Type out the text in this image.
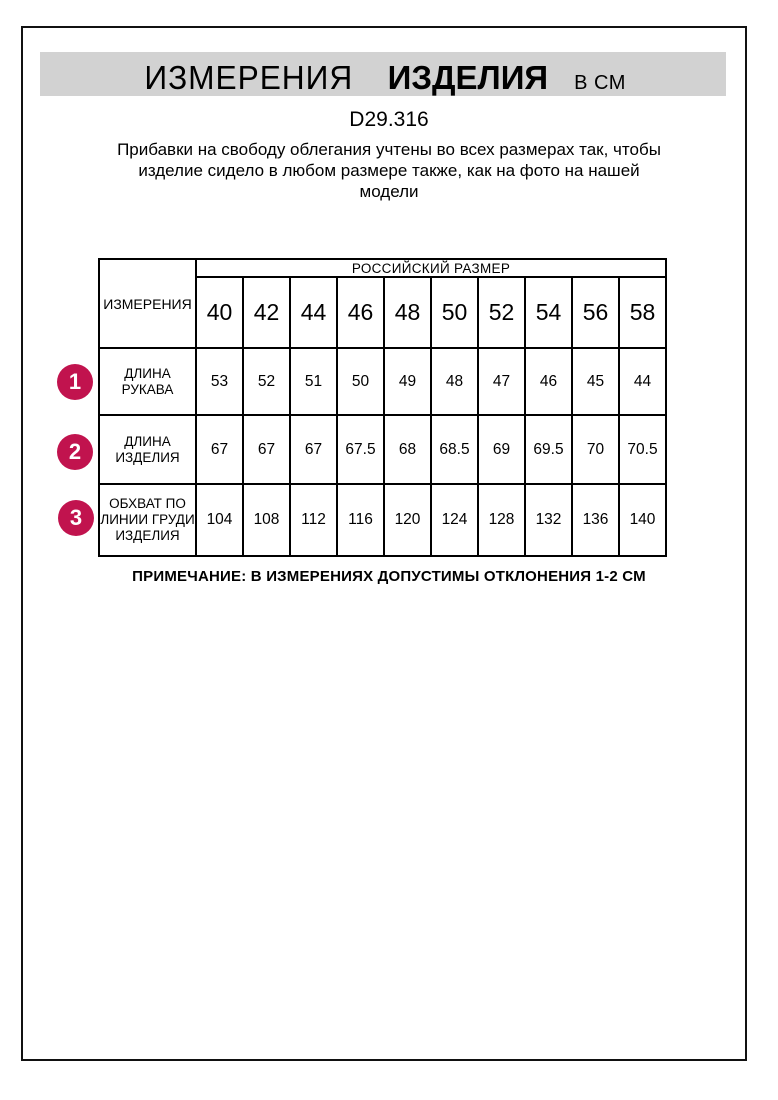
ИЗМЕРЕНИЯ ИЗДЕЛИЯ В СМ
D29.316
Прибавки на свободу облегания учтены во всех размерах так, чтобы
изделие сидело в любом размере также, как на фото на нашей
модели
ИЗМЕРЕНИЯ	РОССИЙСКИЙ РАЗМЕР									
	40	42	44	46	48	50	52	54	56	58
ДЛИНА РУКАВА	53	52	51	50	49	48	47	46	45	44
ДЛИНА ИЗДЕЛИЯ	67	67	67	67.5	68	68.5	69	69.5	70	70.5
ОБХВАТ ПО ЛИНИИ ГРУДИ ИЗДЕЛИЯ	104	108	112	116	120	124	128	132	136	140
1
2
3
ПРИМЕЧАНИЕ: В ИЗМЕРЕНИЯХ ДОПУСТИМЫ ОТКЛОНЕНИЯ 1-2 СМ
